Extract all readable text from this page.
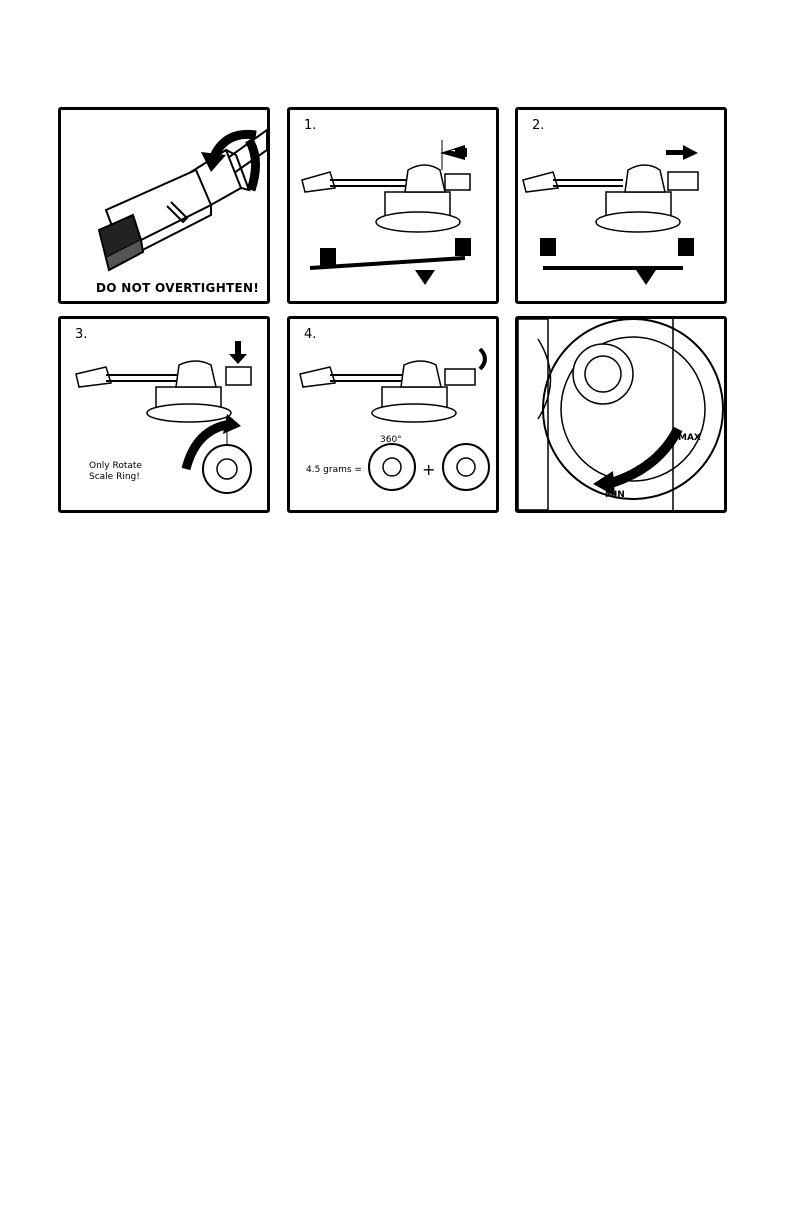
DO NOT OVERTIGHTEN!
1.	2.
3.
Only Rotate
Scale Ring!
4.
360°
4.5 grams =	+
MAX
MIN
